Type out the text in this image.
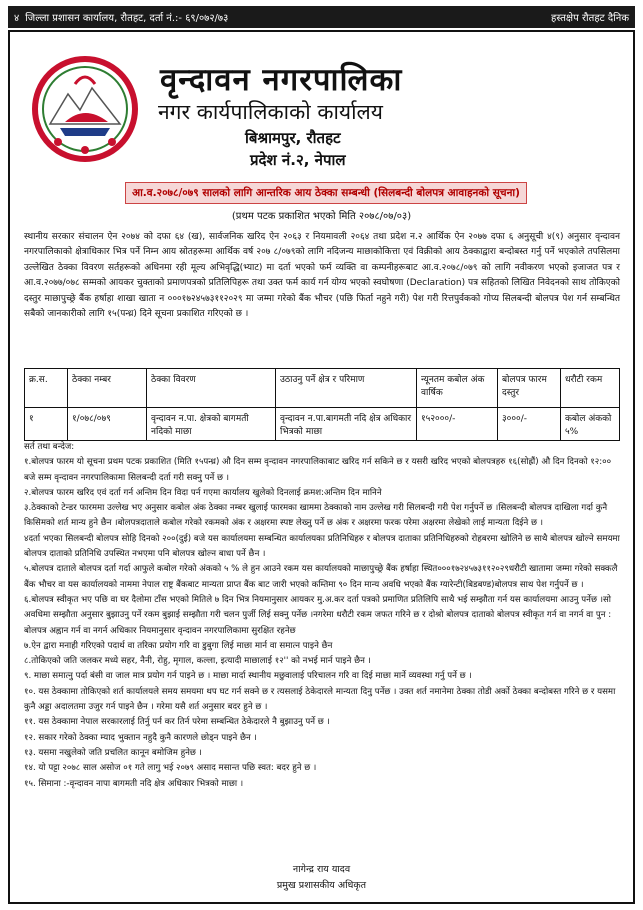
४ जिल्ला प्रशासन कार्यालय, रौतहट, दर्ता नं.:- ६९/०७२/७३	हस्तक्षेप रौतहट दैनिक
वृन्दावन नगरपालिका
नगर कार्यपालिकाको कार्यालय
बिश्रामपुर, रौतहट
प्रदेश नं.२, नेपाल
आ.व.२०७८/०७९ सालको लागि आन्तरिक आय ठेक्का सम्बन्धी (सिलबन्दी बोलपत्र आवाहनको सूचना)
(प्रथम पटक प्रकाशित भएको मिति २०७८/०७/०३)
स्थानीय सरकार संचालन ऐन २०७४ को दफा ६४ (ख), सार्वजनिक खरिद ऐन २०६३ र नियमावली २०६४ तथा प्रदेश न.२ आर्थिक ऐन २०७७ दफा ६ अनुसूची ४(९) अनुसार वृन्दावन नगरपालिकाको क्षेत्राधिकार भित्र पर्ने निम्न आय स्रोतहरूमा आर्थिक वर्ष २०७ ८/०७९को लागि नदिजन्य माछाकोकित्ता एवं विक्रीको आय ठेक्काद्वारा बन्दोबस्त गर्नु पर्ने भएकोले तपसिलमा उल्लेखित ठेक्का विवरण सर्तहरूको अधिनमा रही मूल्य अभिवृद्धि(भ्याट) मा दर्ता भएको फर्म व्यक्ति वा कम्पनीहरूबाट आ.व.२०७८/०७९ को लागि नवीकरण भएको इजाजत पत्र र आ.व.२०७७/०७८ सम्मको आयकर चुक्ताको प्रमाणपत्रको प्रतिलिपिहरू तथा उक्त फर्म कार्य गर्न योग्य भएको स्वघोषणा (Declaration) पत्र सहितको लिखित निवेदनको साथ तोकिएको दस्तुर माछापुच्छ्रे बैंक हर्षाहा शाखा खाता न ०००१७२४५७३११२०२९ मा जम्मा गरेको बैंक भौचर (पछि फिर्ता नहुने गरी) पेश गरी रित्तपुर्वकको गोप्य सिलबन्दी बोलपत्र पेश गर्न सम्बन्धित सबैको जानकारीको लागि १५(पन्ध्र) दिने सूचना प्रकाशित गरिएको छ ।
क्र.स.	ठेक्का नम्बर	ठेक्का विवरण	उठाउनु पर्ने क्षेत्र र परिमाण	न्यूनतम कबोल अंक वार्षिक	बोलपत्र फारम दस्तुर	धरौटी रकम
१	१/०७८/०७९	वृन्दावन न.पा. क्षेत्रको बागमती नदिको माछा	वृन्दावन न.पा.बागमती नदि क्षेत्र अधिकार भित्रको माछा	१५२०००/-	३०००/-	कबोल अंकको ५%
सर्त तथा बन्देज:
१.बोलपत्र फारम यो सूचना प्रथम पटक प्रकाशित (मिति १५पन्ध्र) औ दिन सम्म वृन्दावन नगरपालिकाबाट खरिद गर्न सकिने छ र यसरी खरिद भएको बोलपत्रहरु १६(सोह्रौं) औ दिन दिनको १२:०० बजे सम्म वृन्दावन नगरपालिकामा सिलबन्दी दर्ता गरी सक्नु पर्ने छ ।
२.बोलपत्र फारम खरिद एवं दर्ता गर्न अन्तिम दिन विदा पर्न गएमा कार्यालय खुलेको दिनलाई क्रमश:अन्तिम दिन मानिने
३.ठेक्काको टेन्डर फारममा उल्लेख भए अनुसार कबोल अंक ठेक्का नम्बर खुलाई फारमका खाममा ठेक्काको नाम उल्लेख गरी सिलबन्दी गरी पेश गर्नुपर्ने छ ।सिलबन्दी बोलपत्र दाखिला गर्दा कुनै किसिमको शर्त मान्य हुने छैन ।बोलपत्रदाताले कबोल गरेको रकमको अंक र अक्षरमा स्पष्ट लेख्नु पर्ने छ अंक र अक्षरमा फरक परेमा अक्षरमा लेखेको लाई मान्यता दिईने छ ।
४दर्ता भएका सिलबन्दी बोलपत्र सोहि दिनको २००(दुई) बजे यस कार्यालयमा सम्बन्धित कार्यालयका प्रतिनिधिहरु र बोलपत्र दाताका प्रतिनिधिहरुको रोहबरमा खोलिने छ साथै बोलपत्र खोल्ने समयमा बोलपत्र दाताको प्रतिनिधि उपस्थित नभएमा पनि बोलपत्र खोल्न बाधा पर्ने छैन ।
५.बोलपत्र दाताले बोलपत्र दर्ता गर्दा आफुले कबोल गरेको अंकको ५ % ले हुन आउने रकम यस कार्यालयको माछापुच्छ्रे बैंक हर्षाहा स्थित०००१७२४५७३११२०२९धरौटी खातामा जम्मा गरेको सक्कलै बैंक भौचर वा यस कार्यालयको नाममा नेपाल राष्ट्र बैंकबाट मान्यता प्राप्त बैंक बाट जारी भएको कम्तिमा ९० दिन मान्य अवधि भएको बैंक ग्यारेन्टी(बिडबण्ड)बोलपत्र साथ पेश गर्नुपर्ने छ ।
६.बोलपत्र स्वीकृत भए पछि वा घर दैलोमा टाँस भएको मितिले ७ दिन भित्र नियमानुसार आयकर मु.अ.कर दर्ता पत्रको प्रमाणित प्रतिलिपि साथै भई सम्झौता गर्न यस कार्यालयमा आउनु पर्नेछ ।सो अवधिमा सम्झौता अनुसार बुझाउनु पर्ने रकम बुझाई सम्झौता गरी चलन पुर्जी लिई सक्नु पर्नेछ ।नगरेमा धरौटी रकम जफत गरिने छ र दोश्रो बोलपत्र दाताको बोलपत्र स्वीकृत गर्न वा नगर्न वा पुन : बोलपत्र अह्वान गर्न वा नगर्न अधिकार नियमानुसार वृन्दावन नगरपालिकामा सुरक्षित रहनेछ
७.ऐन द्वारा मनाही गरिएको पदार्थ वा तरिका प्रयोग गरि वा डुबुगा लिई माछा मार्न वा समात्न पाइने छैन
८.तोकिएको जति जलकर मध्ये सहर, नैनी, रोहु, मृगाल, कल्ला, इत्यादी माछालाई १२'' को नभई मार्न पाइने छैन ।
९. माछा समात्नु पर्दा बंसी वा जाल मात्र प्रयोग गर्न पाइने छ । माछा मार्दा स्थानीय मछुवालाई परिचालन गरि वा दिई माछा मार्ने व्यवस्था गर्नु पर्ने छ ।
१०. यस ठेक्कामा तोकिएको शर्त कार्यालयले समय समयमा थप घट गर्न सक्ने छ र त्यसलाई ठेकेदारले मान्यता दिनु पर्नेछ । उक्त शर्त नमानेमा ठेक्का तोडी अर्को ठेक्का बन्दोबस्त गरिने छ र यसमा कुनै अड्डा अदालतमा उजुर गर्न पाइने छैन । गरेमा यसै शर्त अनुसार बदर हुने छ ।
११. यस ठेक्कामा नेपाल सरकारलाई तिर्नु पर्न कर तिर्न परेमा सम्बन्धित ठेकेदारले नै बुझाउनु पर्ने छ ।
१२. सकार गरेको ठेक्का म्याद भुक्तान नहुदै कुनै कारणले छोड्न पाइने छैन ।
१३. यसमा नखुलेको जति प्रचलित कानून बमोजिम हुनेछ ।
१४. यो पट्टा २०७८ साल असोज ०१ गते लागु भई २०७९ असाद मसान्त पछि स्वत: बदर हुने छ ।
१५. सिमाना :-वृन्दावन नापा बागमती नदि क्षेत्र अधिकार भित्रको माछा ।
नागेन्द्र राय यादव
प्रमुख प्रशासकीय अधिकृत
